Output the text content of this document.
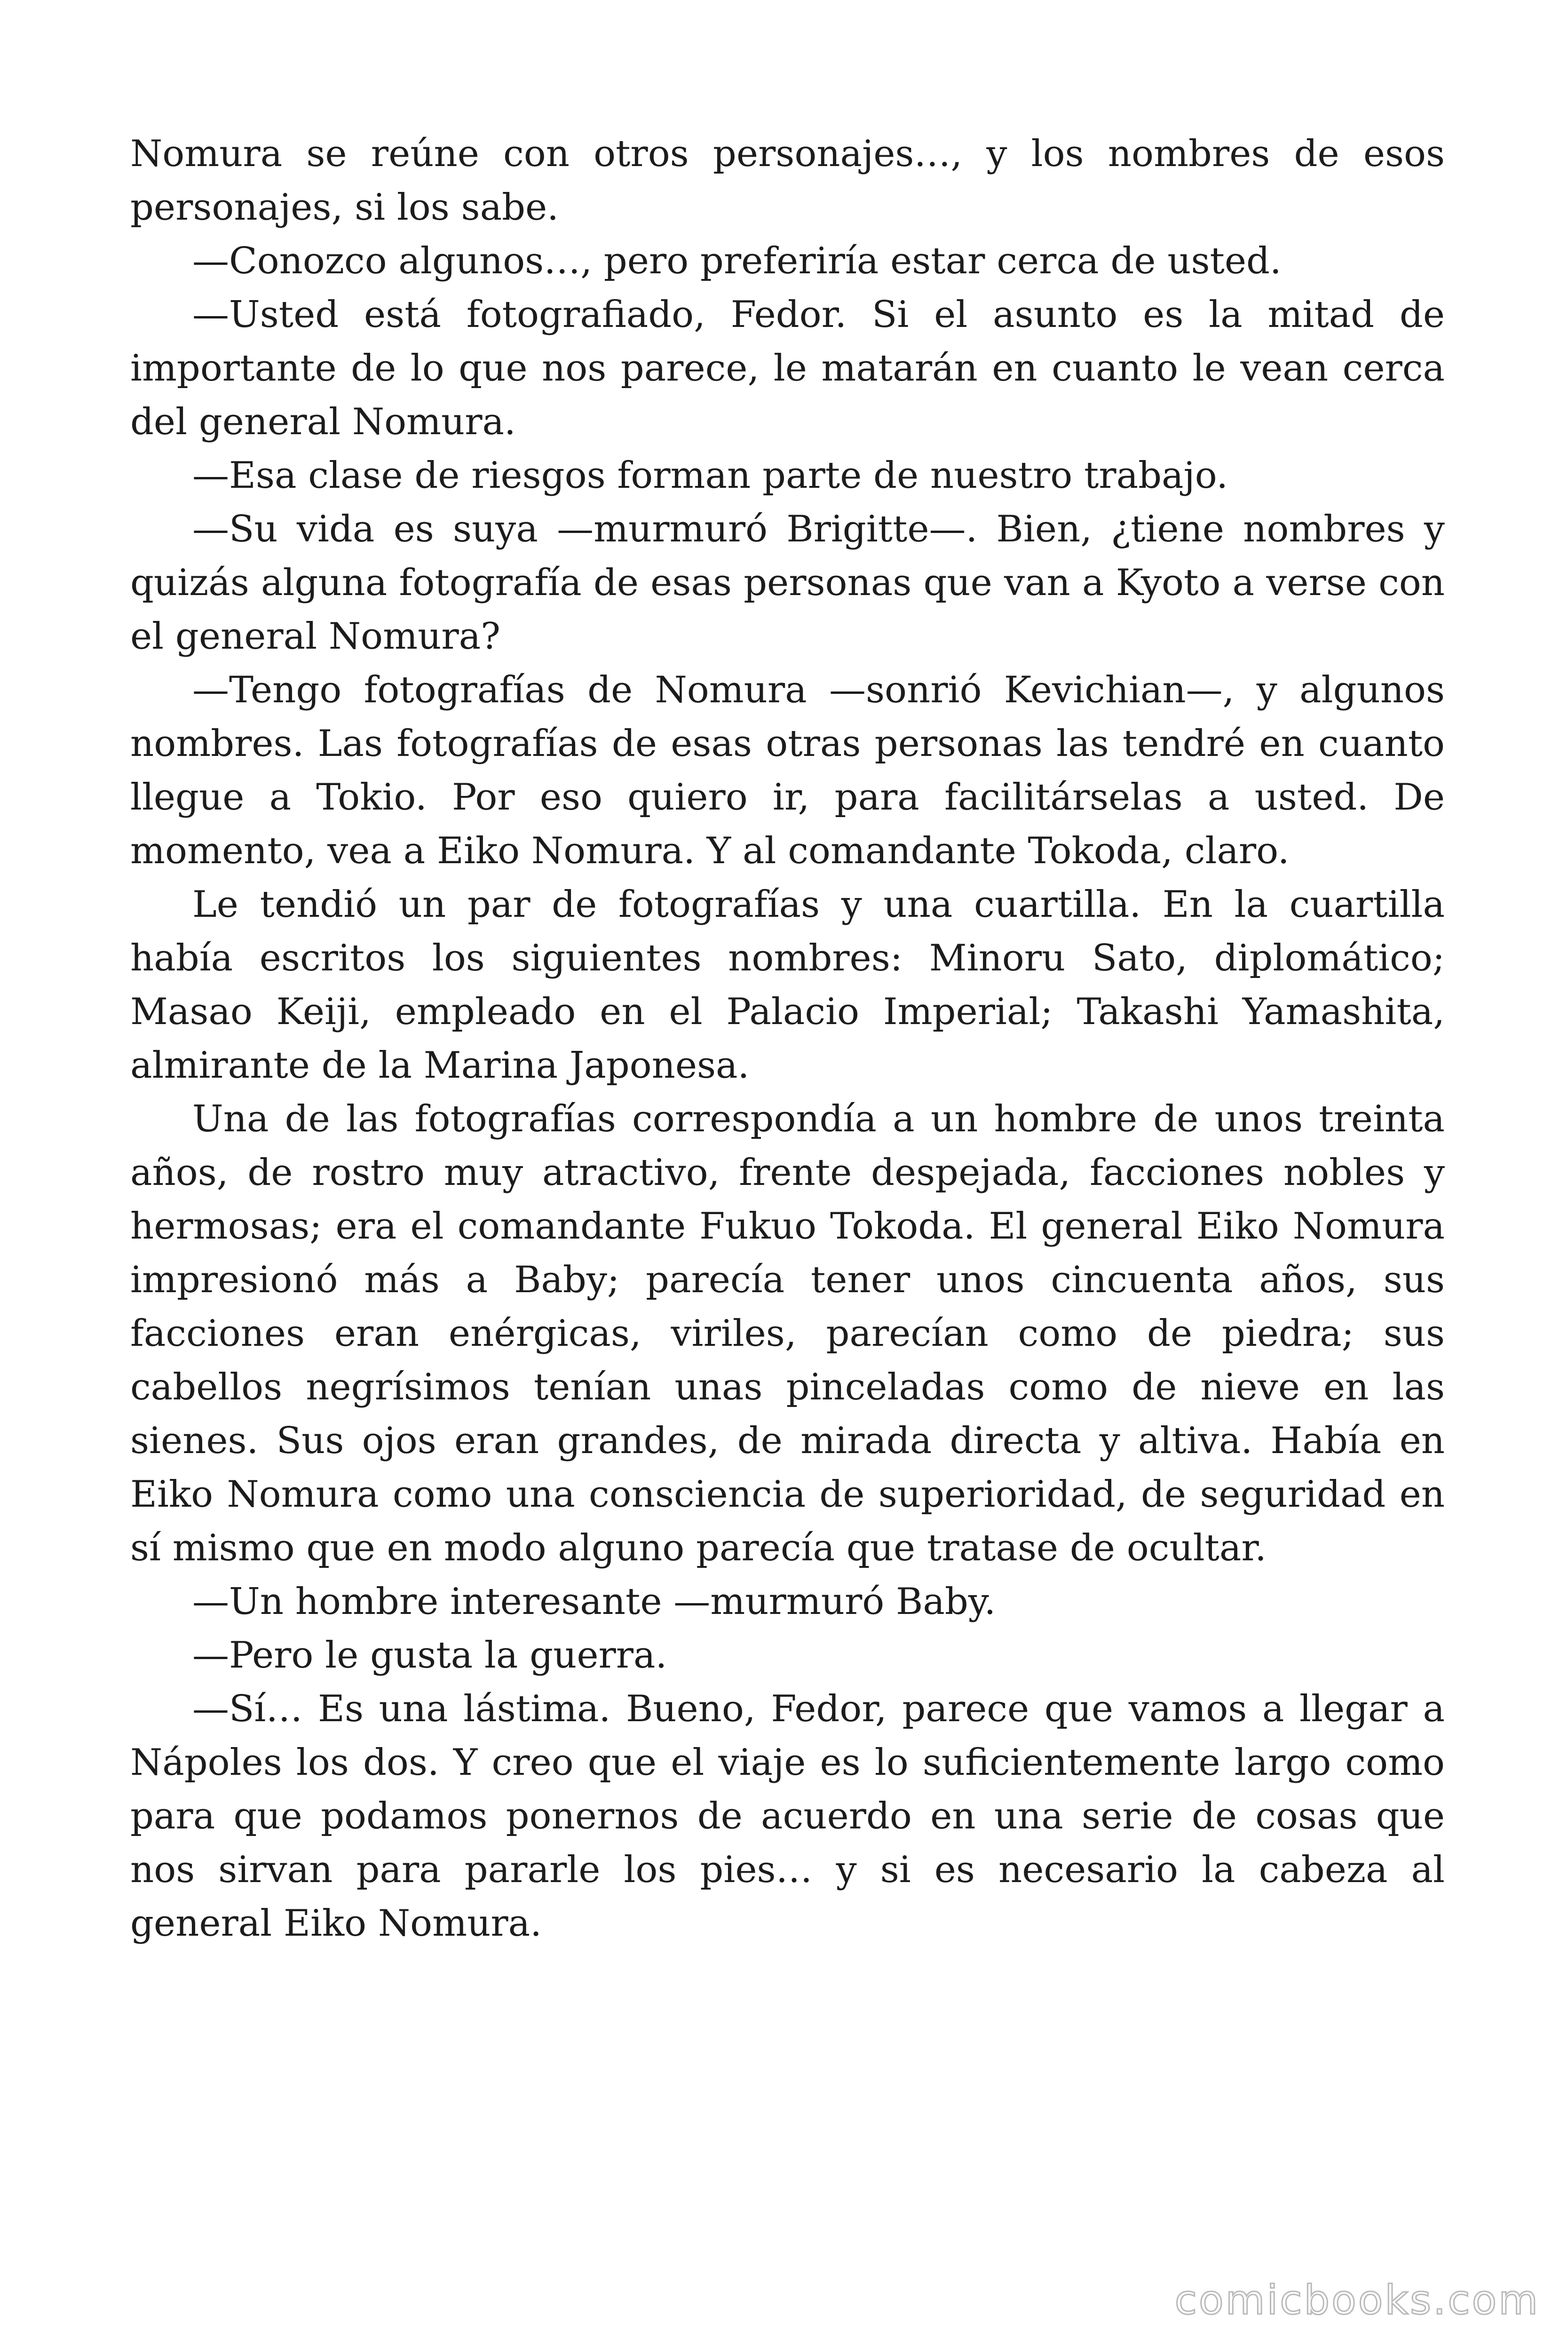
Nomura se reúne con otros personajes…, y los nombres de esos personajes, si los sabe.

—Conozco algunos…, pero preferiría estar cerca de usted.

—Usted está fotografiado, Fedor. Si el asunto es la mitad de importante de lo que nos parece, le matarán en cuanto le vean cerca del general Nomura.

—Esa clase de riesgos forman parte de nuestro trabajo.

—Su vida es suya —murmuró Brigitte—. Bien, ¿tiene nombres y quizás alguna fotografía de esas personas que van a Kyoto a verse con el general Nomura?

—Tengo fotografías de Nomura —sonrió Kevichian—, y algunos nombres. Las fotografías de esas otras personas las tendré en cuanto llegue a Tokio. Por eso quiero ir, para facilitárselas a usted. De momento, vea a Eiko Nomura. Y al comandante Tokoda, claro.

Le tendió un par de fotografías y una cuartilla. En la cuartilla había escritos los siguientes nombres: Minoru Sato, diplomático; Masao Keiji, empleado en el Palacio Imperial; Takashi Yamashita, almirante de la Marina Japonesa.

Una de las fotografías correspondía a un hombre de unos treinta años, de rostro muy atractivo, frente despejada, facciones nobles y hermosas; era el comandante Fukuo Tokoda. El general Eiko Nomura impresionó más a Baby; parecía tener unos cincuenta años, sus facciones eran enérgicas, viriles, parecían como de piedra; sus cabellos negrísimos tenían unas pinceladas como de nieve en las sienes. Sus ojos eran grandes, de mirada directa y altiva. Había en Eiko Nomura como una consciencia de superioridad, de seguridad en sí mismo que en modo alguno parecía que tratase de ocultar.

—Un hombre interesante —murmuró Baby.

—Pero le gusta la guerra.

—Sí… Es una lástima. Bueno, Fedor, parece que vamos a llegar a Nápoles los dos. Y creo que el viaje es lo suficientemente largo como para que podamos ponernos de acuerdo en una serie de cosas que nos sirvan para pararle los pies… y si es necesario la cabeza al general Eiko Nomura.

comicbooks.com
